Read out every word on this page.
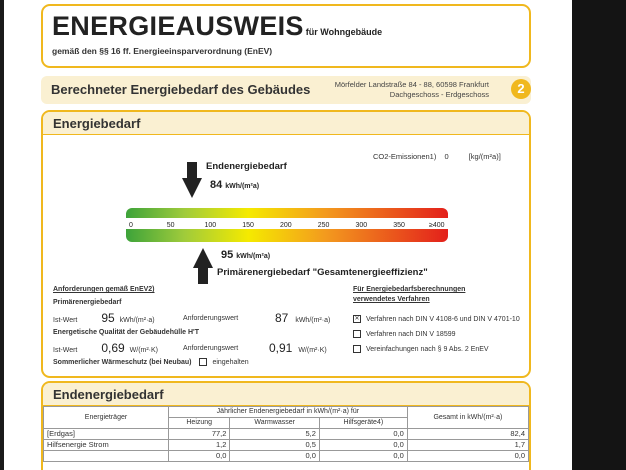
ENERGIEAUSWEIS für Wohngebäude
gemäß den §§ 16 ff. Energieeinsparverordnung (EnEV)
Berechneter Energiebedarf des Gebäudes	Mörfelder Landstraße 84 - 88, 60598 Frankfurt
Dachgeschoss - Erdgeschoss	2
Energiebedarf
CO2-Emissionen1) 0	[kg/(m²a)]
Endenergiebedarf
84 kWh/(m²a)
0	50	100	150	200	250	300	350	≥400
95 kWh/(m²a)
Primärenergiebedarf "Gesamtenergieeffizienz"
Anforderungen gemäß EnEV2)
Primärenergiebedarf
Ist-Wert 95 kWh/(m²·a)	Anforderungswert	87 kWh/(m²·a)
Energetische Qualität der Gebäudehülle H'T
Ist-Wert 0,69 W/(m²·K)	Anforderungswert	0,91 W/(m²·K)
Sommerlicher Wärmeschutz (bei Neubau)	eingehalten
Für Energiebedarfsberechnungen
verwendetes Verfahren
✕ Verfahren nach DIN V 4108-6 und DIN V 4701-10
Verfahren nach DIN V 18599
Vereinfachungen nach § 9 Abs. 2 EnEV
Endenergiebedarf
Energieträger	Jährlicher Endenergiebedarf in kWh/(m²·a) für			Gesamt in kWh/(m²·a)
	Heizung	Warmwasser	Hilfsgeräte4)	
[Erdgas]	77,2	5,2	0,0	82,4
Hilfsenergie Strom	1,2	0,5	0,0	1,7
	0,0	0,0	0,0	0,0
